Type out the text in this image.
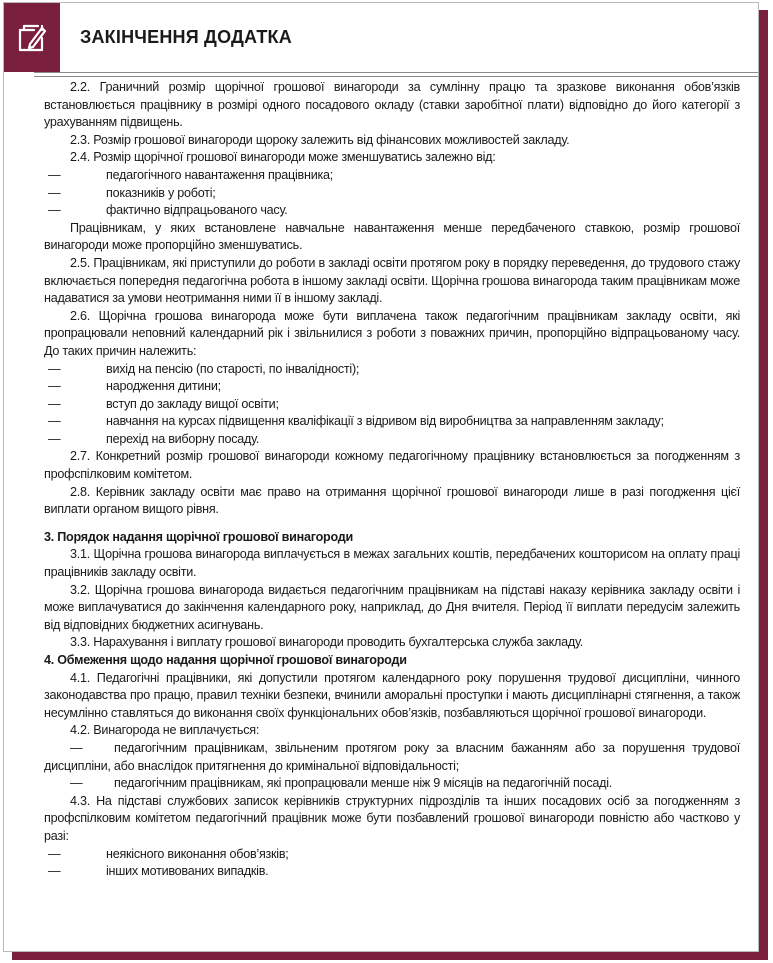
ЗАКІНЧЕННЯ ДОДАТКА

2.2. Граничний розмір щорічної грошової винагороди за сумлінну працю та зразкове виконання обов’язків встановлюється працівнику в розмірі одного посадового окладу (ставки заробітної плати) відповідно до його категорії з урахуванням підвищень.

2.3. Розмір грошової винагороди щороку залежить від фінансових можливостей закладу.

2.4. Розмір щорічної грошової винагороди може зменшуватись залежно від:

—	педагогічного навантаження працівника;
—	показників у роботі;
—	фактично відпрацьованого часу.

Працівникам, у яких встановлене навчальне навантаження менше передбаченого ставкою, розмір грошової винагороди може пропорційно зменшуватись.

2.5. Працівникам, які приступили до роботи в закладі освіти протягом року в порядку переведення, до трудового стажу включається попередня педагогічна робота в іншому закладі освіти. Щорічна грошова винагорода таким працівникам може надаватися за умови неотримання ними її в іншому закладі.

2.6. Щорічна грошова винагорода може бути виплачена також педагогічним працівникам закладу освіти, які пропрацювали неповний календарний рік і звільнилися з роботи з поважних причин, пропорційно відпрацьованому часу. До таких причин належить:

—	вихід на пенсію (по старості, по інвалідності);
—	народження дитини;
—	вступ до закладу вищої освіти;
—	навчання на курсах підвищення кваліфікації з відривом від виробництва за направленням закладу;
—	перехід на виборну посаду.

2.7. Конкретний розмір грошової винагороди кожному педагогічному працівнику встановлюється за погодженням з профспілковим комітетом.

2.8. Керівник закладу освіти має право на отримання щорічної грошової винагороди лише в разі погодження цієї виплати органом вищого рівня.

3. Порядок надання щорічної грошової винагороди

3.1. Щорічна грошова винагорода виплачується в межах загальних коштів, передбачених кошторисом на оплату праці працівників закладу освіти.

3.2. Щорічна грошова винагорода видається педагогічним працівникам на підставі наказу керівника закладу освіти і може виплачуватися до закінчення календарного року, наприклад, до Дня вчителя. Період її виплати передусім залежить від відповідних бюджетних асигнувань.

3.3. Нарахування і виплату грошової винагороди проводить бухгалтерська служба закладу.

4. Обмеження щодо надання щорічної грошової винагороди

4.1. Педагогічні працівники, які допустили протягом календарного року порушення трудової дисципліни, чинного законодавства про працю, правил техніки безпеки, вчинили аморальні проступки і мають дисциплінарні стягнення, а також несумлінно ставляться до виконання своїх функціональних обов’язків, позбавляються щорічної грошової винагороди.

4.2. Винагорода не виплачується:

—	педагогічним працівникам, звільненим протягом року за власним бажанням або за порушення трудової дисципліни, або внаслідок притягнення до кримінальної відповідальності;

—	педагогічним працівникам, які пропрацювали менше ніж 9 місяців на педагогічній посаді.

4.3. На підставі службових записок керівників структурних підрозділів та інших посадових осіб за погодженням з профспілковим комітетом педагогічний працівник може бути позбавлений грошової винагороди повністю або частково у разі:

—	неякісного виконання обов’язків;
—	інших мотивованих випадків.
